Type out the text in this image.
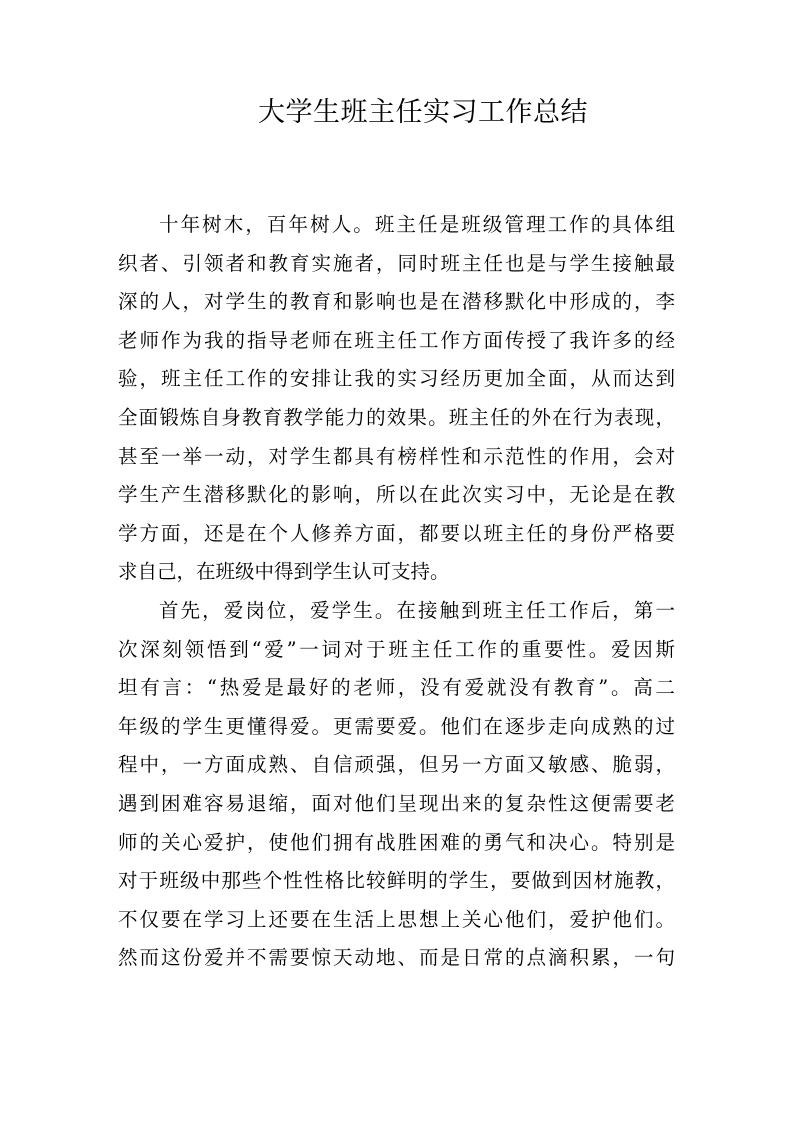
大学生班主任实习工作总结
十年树木，百年树人。班主任是班级管理工作的具体组
织者、引领者和教育实施者，同时班主任也是与学生接触最
深的人，对学生的教育和影响也是在潜移默化中形成的，李
老师作为我的指导老师在班主任工作方面传授了我许多的经
验，班主任工作的安排让我的实习经历更加全面，从而达到
全面锻炼自身教育教学能力的效果。班主任的外在行为表现，
甚至一举一动，对学生都具有榜样性和示范性的作用，会对
学生产生潜移默化的影响，所以在此次实习中，无论是在教
学方面，还是在个人修养方面，都要以班主任的身份严格要
求自己，在班级中得到学生认可支持。
首先，爱岗位，爱学生。在接触到班主任工作后，第一
次深刻领悟到“爱”一词对于班主任工作的重要性。爱因斯
坦有言：“热爱是最好的老师，没有爱就没有教育”。高二
年级的学生更懂得爱。更需要爱。他们在逐步走向成熟的过
程中，一方面成熟、自信顽强，但另一方面又敏感、脆弱，
遇到困难容易退缩，面对他们呈现出来的复杂性这便需要老
师的关心爱护，使他们拥有战胜困难的勇气和决心。特别是
对于班级中那些个性性格比较鲜明的学生，要做到因材施教，
不仅要在学习上还要在生活上思想上关心他们，爱护他们。
然而这份爱并不需要惊天动地、而是日常的点滴积累，一句
